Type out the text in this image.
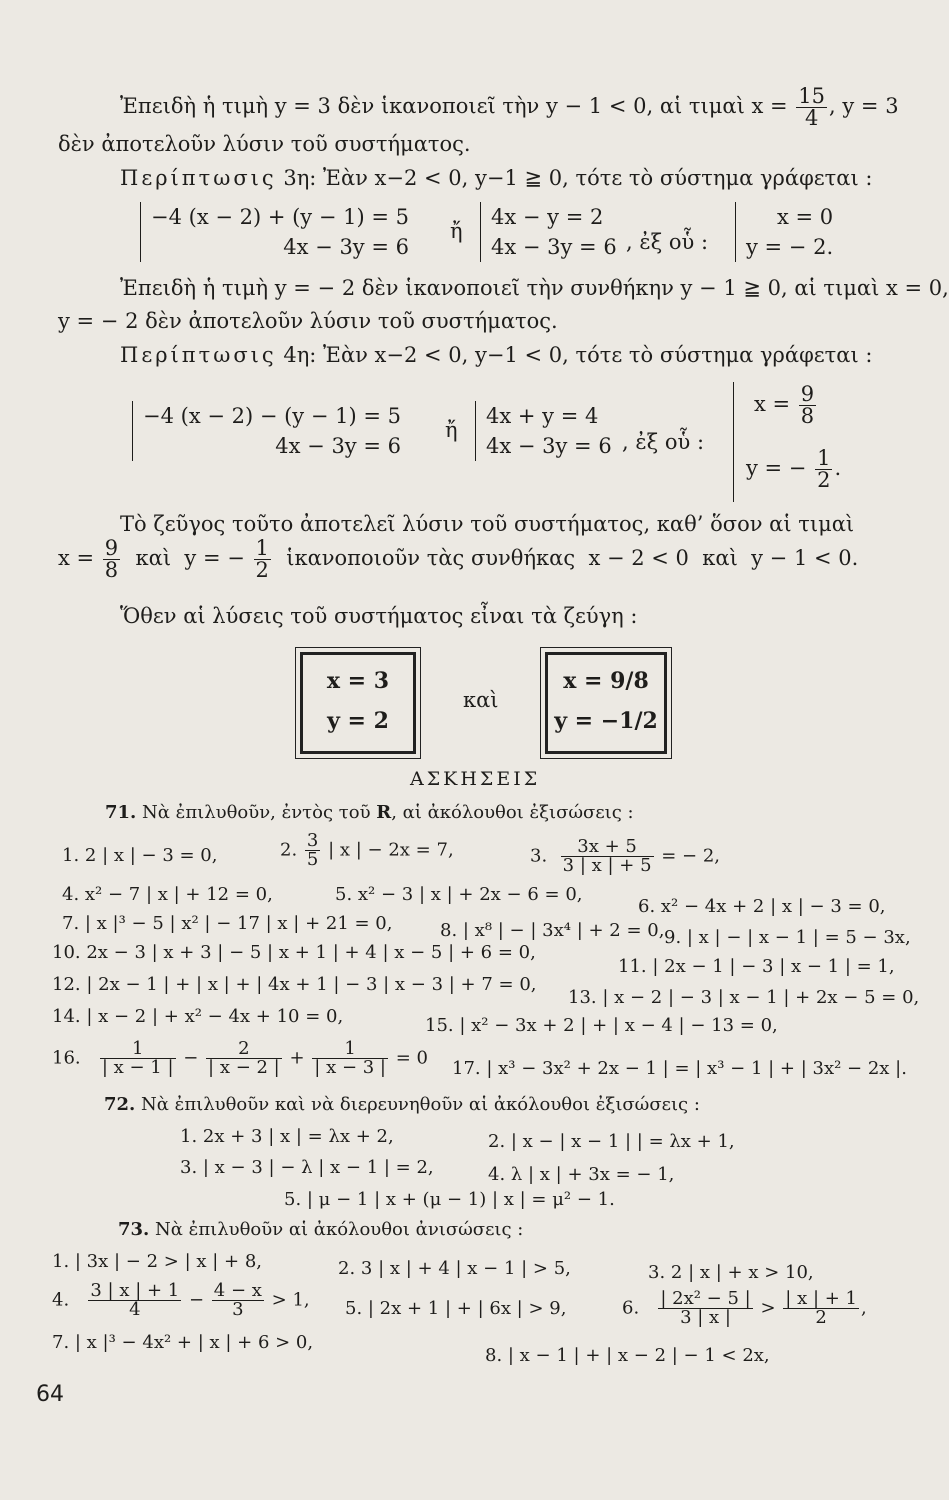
Ἐπειδὴ ἡ τιμὴ y = 3 δὲν ἱκανοποιεῖ τὴν y − 1 < 0, αἱ τιμαὶ $x = \frac{15}{4}$ , y = 3
δὲν ἀποτελοῦν λύσιν τοῦ συστήματος.
Περίπτωσις 3η: Ἐὰν x−2 < 0, y−1 ≧ 0, τότε τὸ σύστημα γράφεται :
−4 (x − 2) + (y − 1) = 5
4x − 3y = 6
ἤ
4x − y = 2
4x − 3y = 6 , ἐξ οὗ :
x = 0
y = − 2.
Ἐπειδὴ ἡ τιμὴ y = − 2 δὲν ἱκανοποιεῖ τὴν συνθήκην y − 1 ≧ 0, αἱ τιμαὶ x = 0,
y = − 2 δὲν ἀποτελοῦν λύσιν τοῦ συστήματος.
Περίπτωσις 4η: Ἐὰν x−2 < 0, y−1 < 0, τότε τὸ σύστημα γράφεται :
−4 (x − 2) − (y − 1) = 5
4x − 3y = 6
ἤ
4x + y = 4
4x − 3y = 6 , ἐξ οὗ :
$x = \frac{9}{8}$
y = − $\frac{1}{2}$ .
Τὸ ζεῦγος τοῦτο ἀποτελεῖ λύσιν τοῦ συστήματος, καθ’ ὅσον αἱ τιμαὶ
$x = \frac{9}{8}$ καὶ  y = − $\frac{1}{2}$ ἱκανοποιοῦν τὰς συνθήκας  x − 2 < 0  καὶ  y − 1 < 0.
Ὅθεν αἱ λύσεις τοῦ συστήματος εἶναι τὰ ζεύγη :
x = 3
y = 2
καὶ
x = 9/8
y = −1/2
ΑΣΚΗΣΕΙΣ
71. Νὰ ἐπιλυθοῦν, ἐντὸς τοῦ R, αἱ ἀκόλουθοι ἐξισώσεις :
1. 2 | x | − 3 = 0,	2. $\frac{3}{5}$ | x | − 2x = 7,	3. $\frac{3x + 5}{3 | x | + 5}$ = − 2,
4. x² − 7 | x | + 12 = 0,	5. x² − 3 | x | + 2x − 6 = 0,
6. x² − 4x + 2 | x | − 3 = 0,
7. | x |³ − 5 | x² | − 17 | x | + 21 = 0,	8. | x⁸ | − | 3x⁴ | + 2 = 0, 9. | x | − | x − 1 | = 5 − 3x,
10. 2x − 3 | x + 3 | − 5 | x + 1 | + 4 | x − 5 | + 6 = 0,
11. | 2x − 1 | − 3 | x − 1 | = 1,
12. | 2x − 1 | + | x | + | 4x + 1 | − 3 | x − 3 | + 7 = 0,
13. | x − 2 | − 3 | x − 1 | + 2x − 5 = 0,
14. | x − 2 | + x² − 4x + 10 = 0,	15. | x² − 3x + 2 | + | x − 4 | − 13 = 0,
16. $\frac{1}{| x - 1 |} - \frac{2}{| x - 2 |} + \frac{1}{| x - 3 |} = 0$ 17. | x³ − 3x² + 2x − 1 | = | x³ − 1 | + | 3x² − 2x |.
72. Νὰ ἐπιλυθοῦν καὶ νὰ διερευνηθοῦν αἱ ἀκόλουθοι ἐξισώσεις :
1. 2x + 3 | x | = λx + 2,	2. | x − | x − 1 | | = λx + 1,
3. | x − 3 | − λ | x − 1 | = 2,	4. λ | x | + 3x = − 1,
5. | μ − 1 | x + (μ − 1) | x | = μ² − 1.
73. Νὰ ἐπιλυθοῦν αἱ ἀκόλουθοι ἀνισώσεις :
1. | 3x | − 2 > | x | + 8,	2. 3 | x | + 4 | x − 1 | > 5,	3. 2 | x | + x > 10,
4. $\frac{3 | x | + 1}{4} - \frac{4 - x}{3} > 1$, 5. | 2x + 1 | + | 6x | > 9,	6. $\frac{\text{| 2x² − 5 |}}{3 | x |} > \frac{| x | + 1}{2}$ ,
7. | x |³ − 4x² + | x | + 6 > 0,
8. | x − 1 | + | x − 2 | − 1 < 2x,
64
